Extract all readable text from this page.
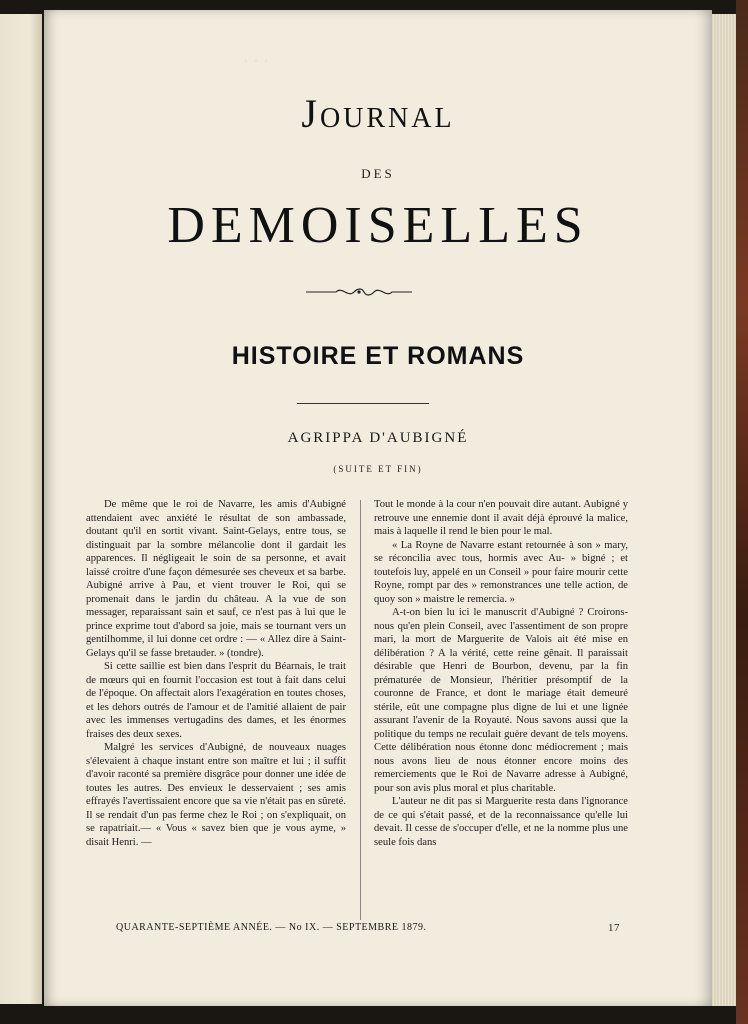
◦ ◦ ◦
Journal
DES
DEMOISELLES
HISTOIRE ET ROMANS
AGRIPPA D'AUBIGNÉ
(SUITE ET FIN)

De même que le roi de Navarre, les amis d'Aubigné attendaient avec anxiété le résultat de son ambassade, doutant qu'il en sortit vivant. Saint-Gelays, entre tous, se distinguait par la sombre mélancolie dont il gardait les apparences. Il négligeait le soin de sa personne, et avait laissé croitre d'une façon démesurée ses cheveux et sa barbe. Aubigné arrive à Pau, et vient trouver le Roi, qui se promenait dans le jardin du château. A la vue de son messager, reparaissant sain et sauf, ce n'est pas à lui que le prince exprime tout d'abord sa joie, mais se tournant vers un gentilhomme, il lui donne cet ordre : — « Allez dire à Saint-Gelays qu'il se fasse bretauder. » (tondre).

Si cette saillie est bien dans l'esprit du Béarnais, le trait de mœurs qui en fournit l'occasion est tout à fait dans celui de l'époque. On affectait alors l'exagération en toutes choses, et les dehors outrés de l'amour et de l'amitié allaient de pair avec les immenses vertugadins des dames, et les énormes fraises des deux sexes.

Malgré les services d'Aubigné, de nouveaux nuages s'élevaient à chaque instant entre son maître et lui ; il suffit d'avoir raconté sa première disgrâce pour donner une idée de toutes les autres. Des envieux le desservaient ; ses amis effrayés l'avertissaient encore que sa vie n'était pas en sûreté. Il se rendait d'un pas ferme chez le Roi ; on s'expliquait, on se rapatriait.— « Vous « savez bien que je vous ayme, » disait Henri. —

Tout le monde à la cour n'en pouvait dire autant. Aubigné y retrouve une ennemie dont il avait déjà éprouvé la malice, mais à laquelle il rend le bien pour le mal.

« La Royne de Navarre estant retournée à son » mary, se réconcilia avec tous, hormis avec Au- » bigné ; et toutefois luy, appelé en un Conseil » pour faire mourir cette Royne, rompt par des » remonstrances une telle action, de quoy son » maistre le remercia. »

A-t-on bien lu ici le manuscrit d'Aubigné ? Croirons-nous qu'en plein Conseil, avec l'assentiment de son propre mari, la mort de Marguerite de Valois ait été mise en délibération ? A la vérité, cette reine gênait. Il paraissait désirable que Henri de Bourbon, devenu, par la fin prématurée de Monsieur, l'héritier présomptif de la couronne de France, et dont le mariage était demeuré stérile, eût une compagne plus digne de lui et une lignée assurant l'avenir de la Royauté. Nous savons aussi que la politique du temps ne reculait guère devant de tels moyens. Cette délibération nous étonne donc médiocrement ; mais nous avons lieu de nous étonner encore moins des remerciements que le Roi de Navarre adresse à Aubigné, pour son avis plus moral et plus charitable.

L'auteur ne dit pas si Marguerite resta dans l'ignorance de ce qui s'était passé, et de la reconnaissance qu'elle lui devait. Il cesse de s'occuper d'elle, et ne la nomme plus une seule fois dans

QUARANTE-SEPTIÈME ANNÉE. — No IX. — SEPTEMBRE 1879.	17
